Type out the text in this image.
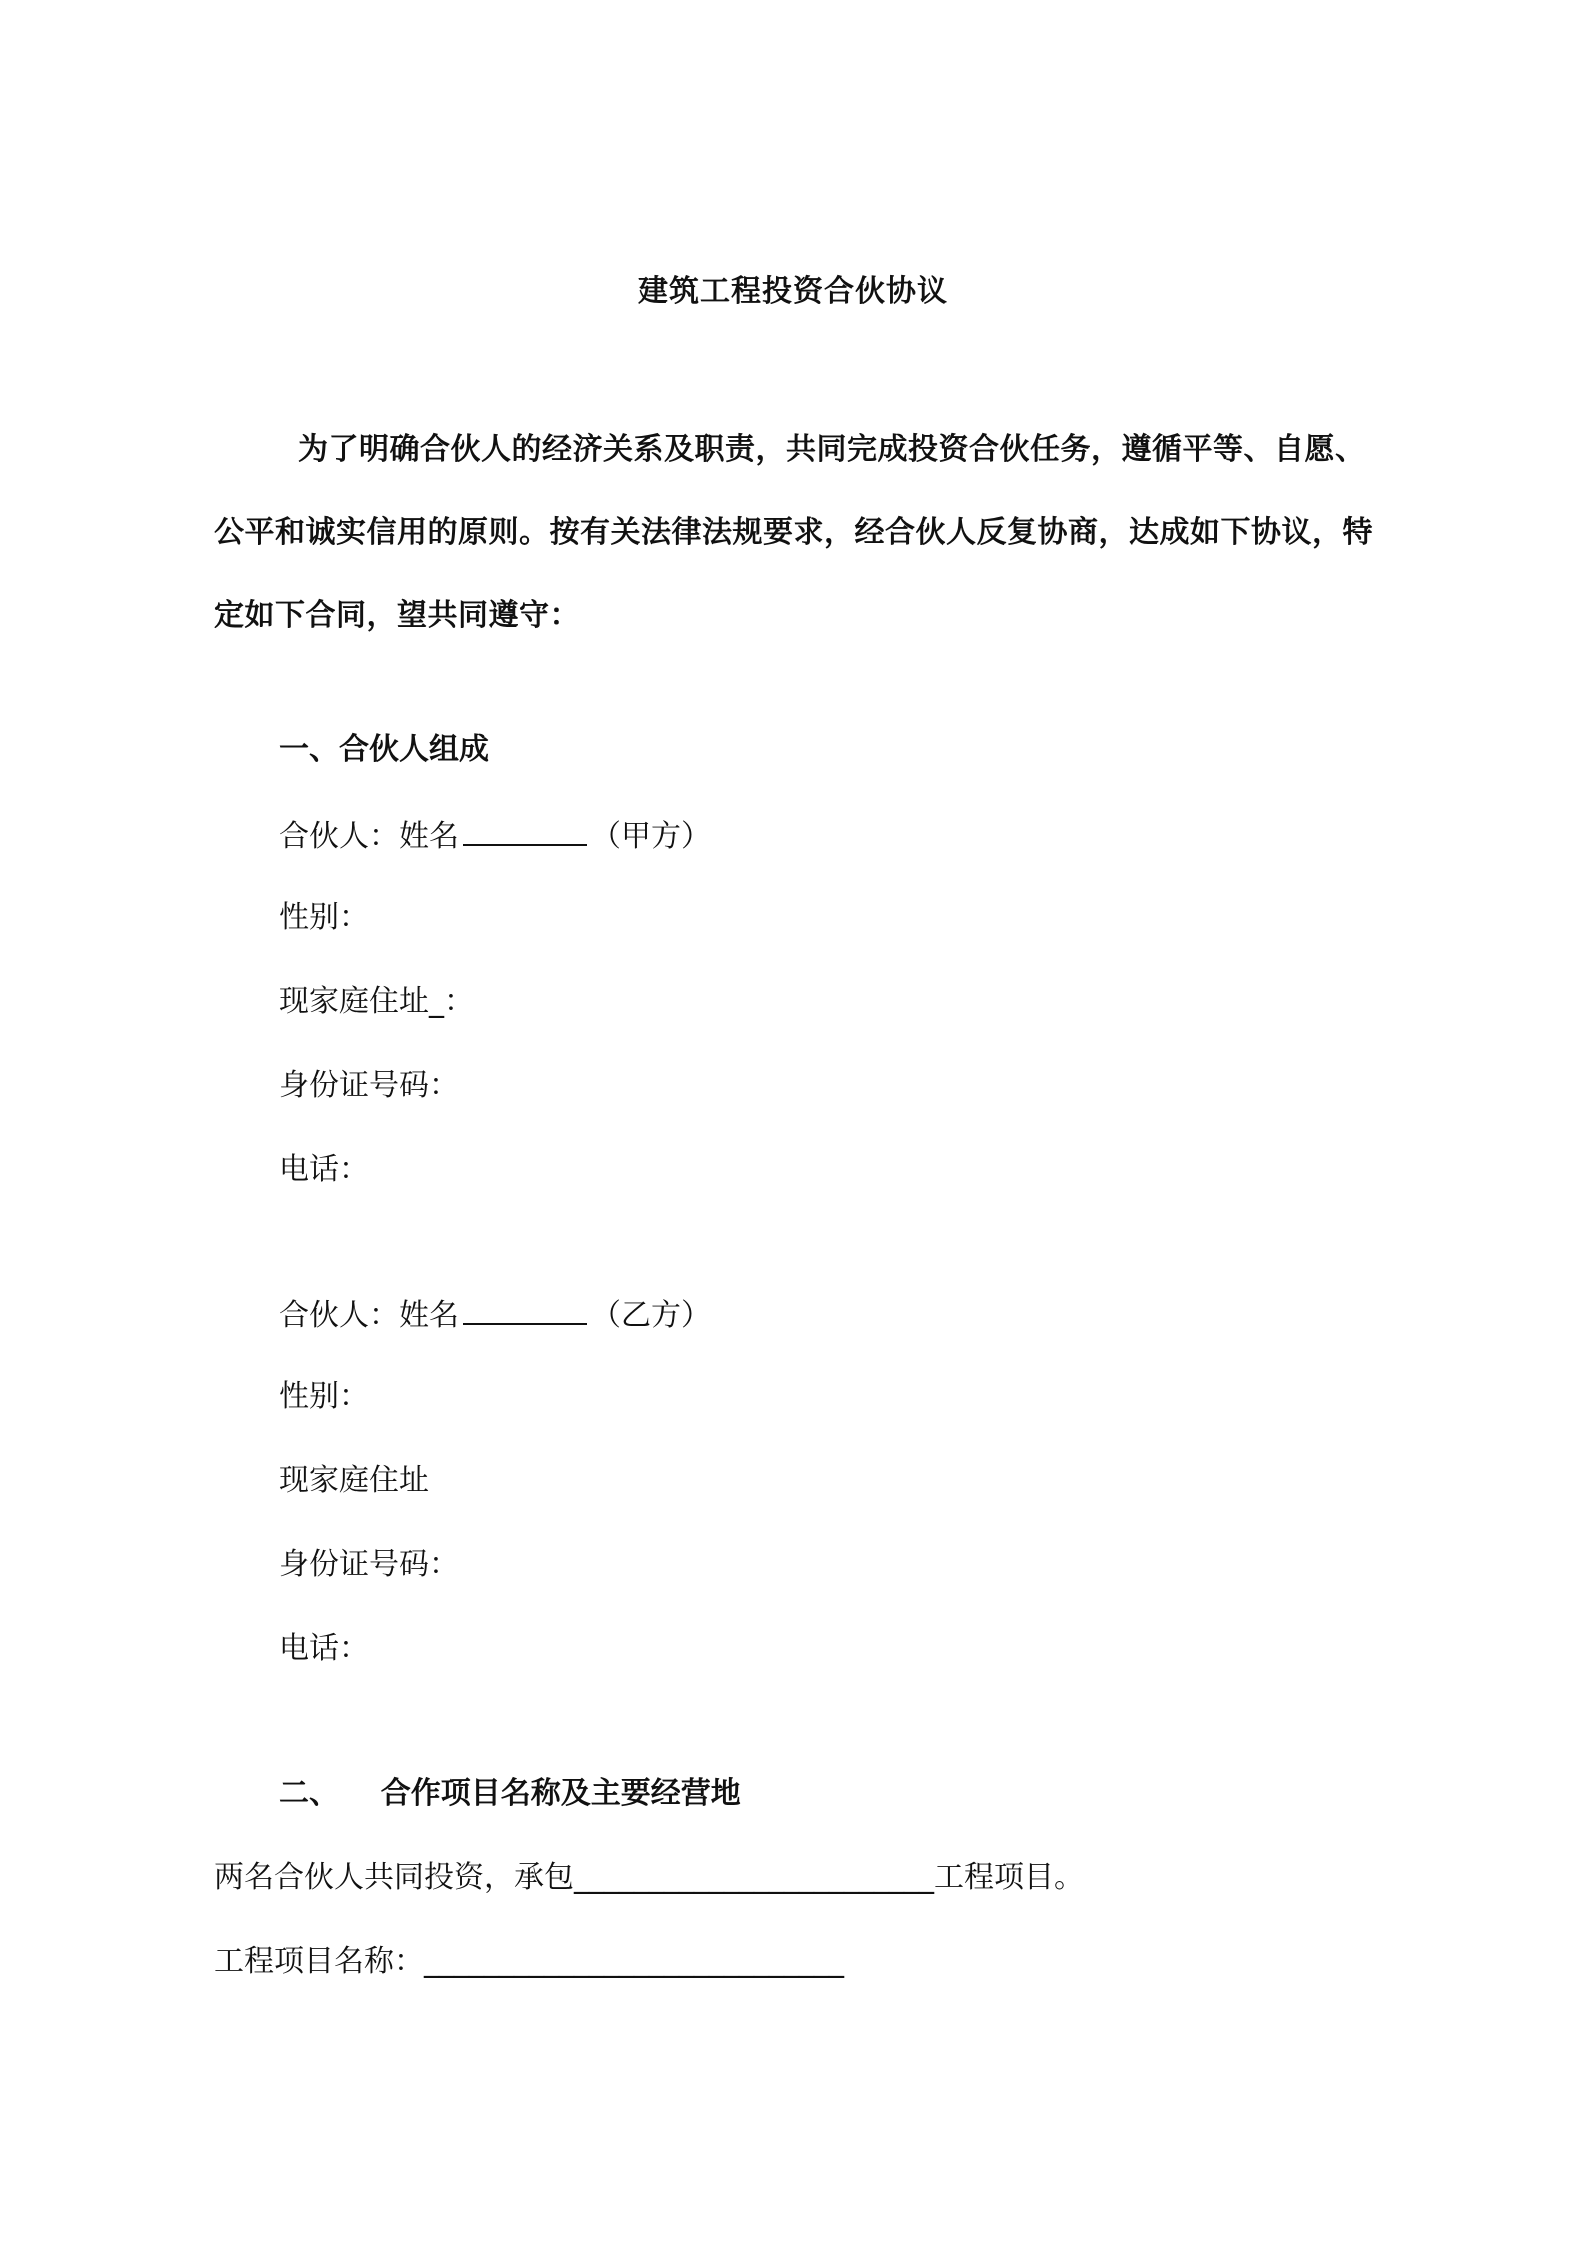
建筑工程投资合伙协议
为了明确合伙人的经济关系及职责，共同完成投资合伙任务，遵循平等、自愿、公平和诚实信用的原则。按有关法律法规要求，经合伙人反复协商，达成如下协议，特定如下合同，望共同遵守：
一、合伙人组成
合伙人：姓名	（甲方）
性别：
现家庭住址_：
身份证号码：
电话：
合伙人：姓名	（乙方）
性别：
现家庭住址
身份证号码：
电话：
二、    合作项目名称及主要经营地
两名合伙人共同投资，承包________________________工程项目。
工程项目名称：____________________________
